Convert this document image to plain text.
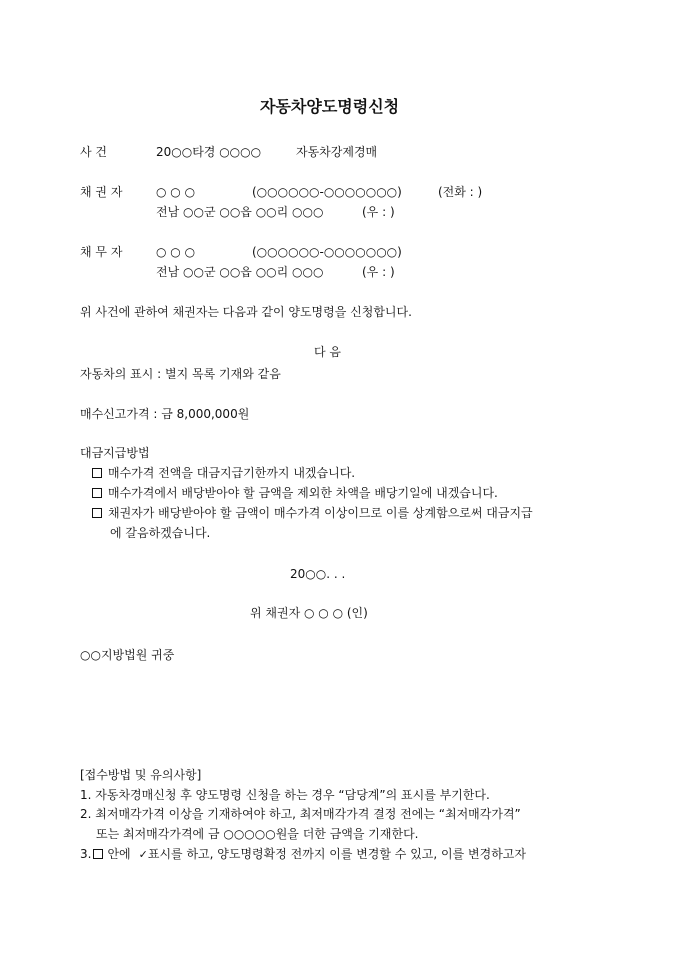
자동차양도명령신청
사 건	20○○타경 ○○○○	자동차강제경매
채 권 자	○ ○ ○	(○○○○○○-○○○○○○○)	(전화 : )
전남 ○○군 ○○읍 ○○리 ○○○	(우 : )
채 무 자	○ ○ ○	(○○○○○○-○○○○○○○)
전남 ○○군 ○○읍 ○○리 ○○○	(우 : )
위 사건에 관하여 채권자는 다음과 같이 양도명령을 신청합니다.
다 음
자동차의 표시 : 별지 목록 기재와 같음
매수신고가격 : 금 8,000,000원
대금지급방법
매수가격 전액을 대금지급기한까지 내겠습니다.
매수가격에서 배당받아야 할 금액을 제외한 차액을 배당기일에 내겠습니다.
채권자가 배당받아야 할 금액이 매수가격 이상이므로 이를 상계함으로써 대금지급
에 갈음하겠습니다.
20○○. . .
위 채권자 ○ ○ ○ (인)
○○지방법원 귀중
[접수방법 및 유의사항]
1. 자동차경매신청 후 양도명령 신청을 하는 경우 “담당계”의 표시를 부기한다.
2. 최저매각가격 이상을 기재하여야 하고, 최저매각가격 결정 전에는 “최저매각가격”
또는 최저매각가격에 금 ○○○○○원을 더한 금액을 기재한다.
3. 안에 ✓표시를 하고, 양도명령확정 전까지 이를 변경할 수 있고, 이를 변경하고자
